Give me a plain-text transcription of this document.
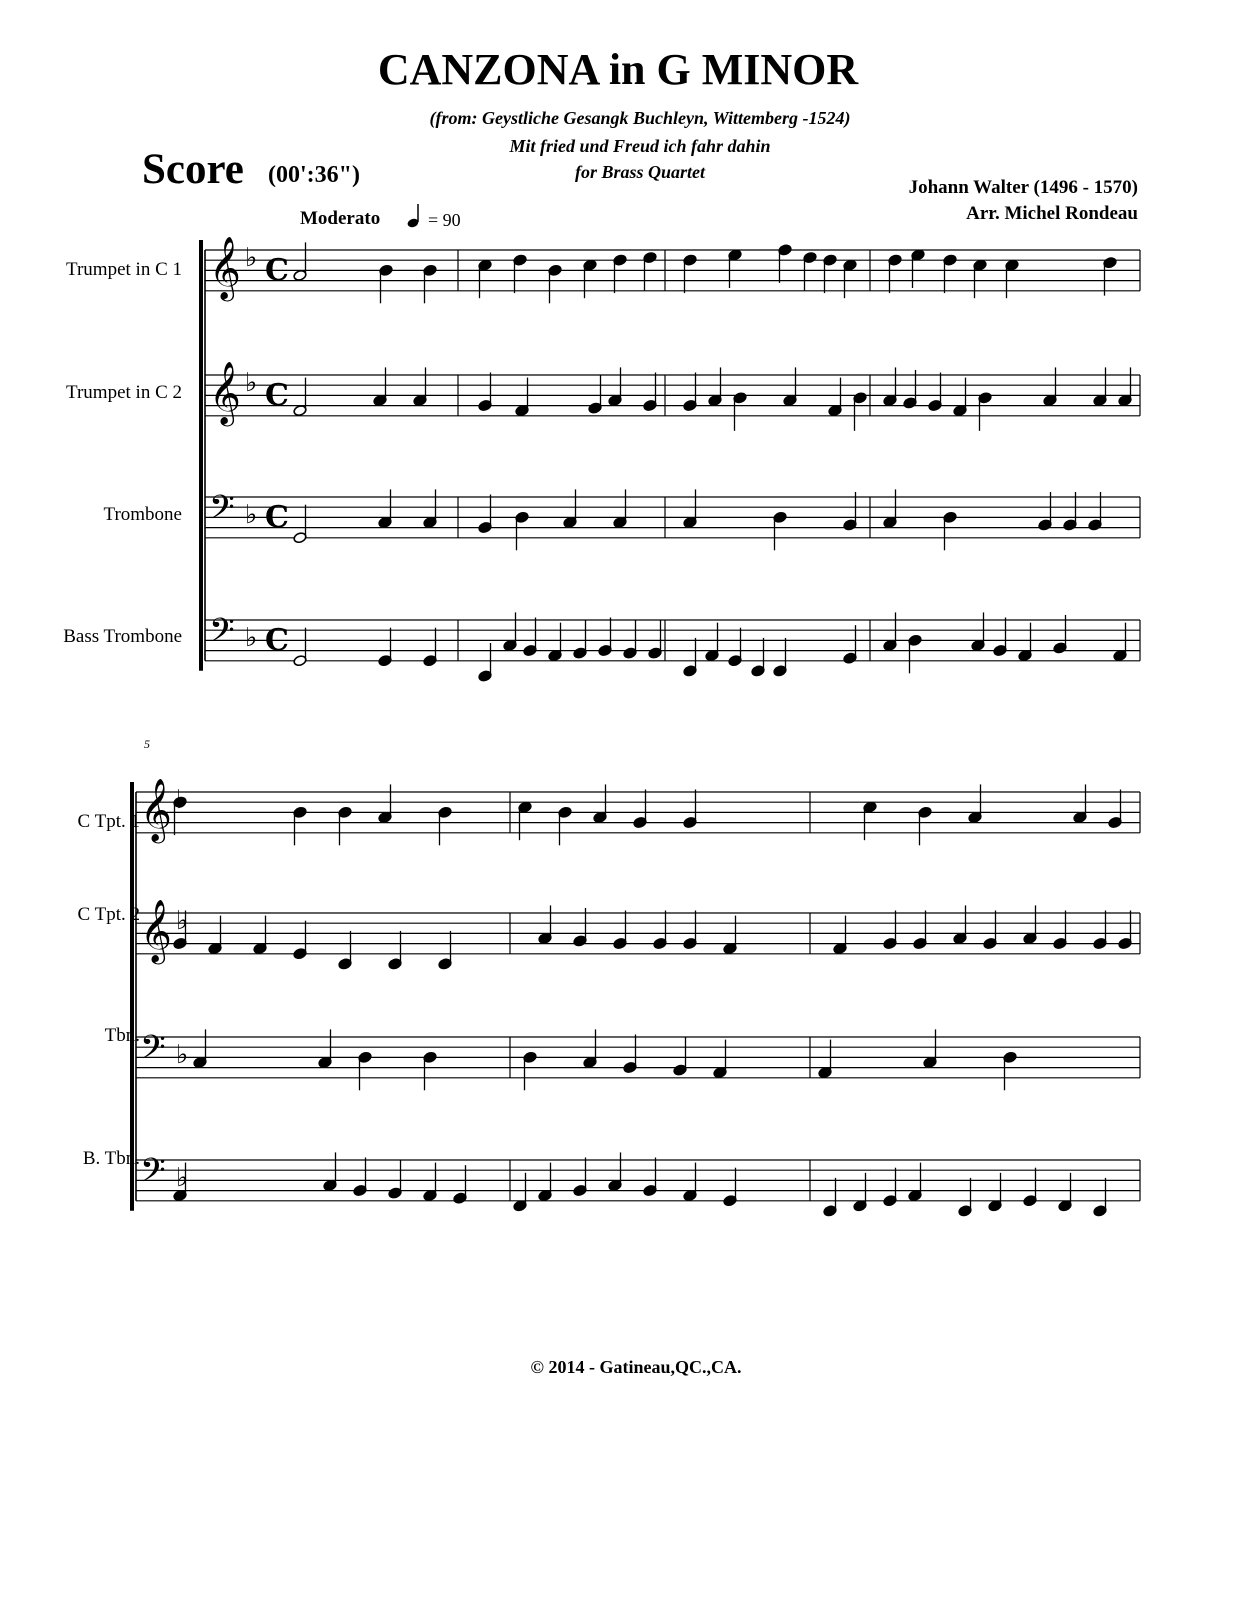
CANZONA in G MINOR
(from: Geystliche Gesangk Buchleyn, Wittemberg -1524)
Mit fried und Freud ich fahr dahin
for Brass Quartet
Score (00':36")	Johann Walter (1496 - 1570)
Arr. Michel Rondeau
Moderato	= 90
Trumpet in C 1
Trumpet in C 2
Trombone
Bass Trombone
5
C Tpt. 1
C Tpt. 2
Tbn.
B. Tbn.
© 2014 - Gatineau,QC.,CA.
𝄞 ♭ C
𝄞 ♭ C
𝄢 ♭ C
𝄢 ♭ C
𝄞 ♭
𝄞 ♭
𝄢 ♭
𝄢 ♭
